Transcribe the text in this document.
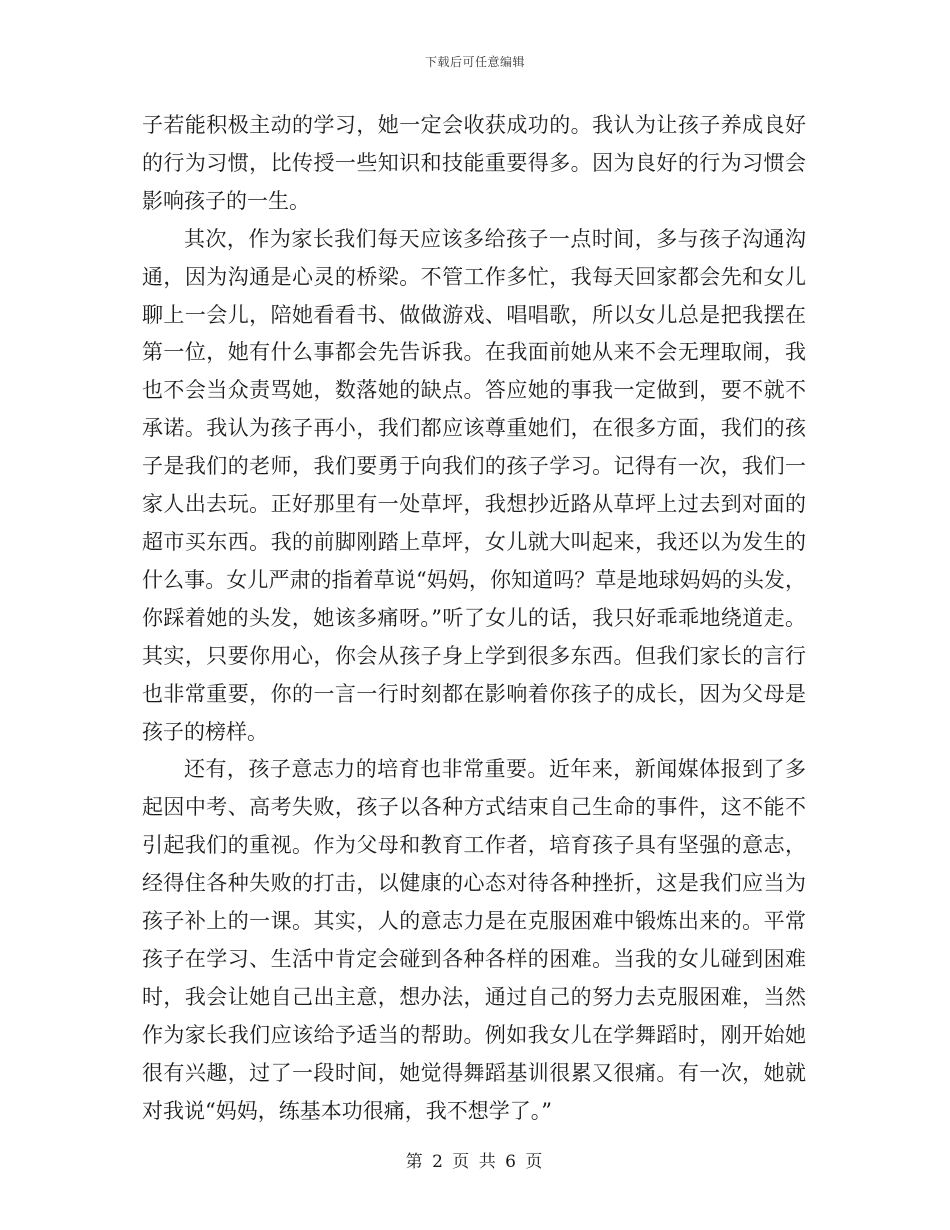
下载后可任意编辑

子若能积极主动的学习，她一定会收获成功的。我认为让孩子养成良好的行为习惯，比传授一些知识和技能重要得多。因为良好的行为习惯会影响孩子的一生。

其次，作为家长我们每天应该多给孩子一点时间，多与孩子沟通沟通，因为沟通是心灵的桥梁。不管工作多忙，我每天回家都会先和女儿聊上一会儿，陪她看看书、做做游戏、唱唱歌，所以女儿总是把我摆在第一位，她有什么事都会先告诉我。在我面前她从来不会无理取闹，我也不会当众责骂她，数落她的缺点。答应她的事我一定做到，要不就不承诺。我认为孩子再小，我们都应该尊重她们，在很多方面，我们的孩子是我们的老师，我们要勇于向我们的孩子学习。记得有一次，我们一家人出去玩。正好那里有一处草坪，我想抄近路从草坪上过去到对面的超市买东西。我的前脚刚踏上草坪，女儿就大叫起来，我还以为发生的什么事。女儿严肃的指着草说“妈妈，你知道吗？草是地球妈妈的头发，你踩着她的头发，她该多痛呀。”听了女儿的话，我只好乖乖地绕道走。其实，只要你用心，你会从孩子身上学到很多东西。但我们家长的言行也非常重要，你的一言一行时刻都在影响着你孩子的成长，因为父母是孩子的榜样。

还有，孩子意志力的培育也非常重要。近年来，新闻媒体报到了多起因中考、高考失败，孩子以各种方式结束自己生命的事件，这不能不引起我们的重视。作为父母和教育工作者，培育孩子具有坚强的意志，经得住各种失败的打击，以健康的心态对待各种挫折，这是我们应当为孩子补上的一课。其实，人的意志力是在克服困难中锻炼出来的。平常孩子在学习、生活中肯定会碰到各种各样的困难。当我的女儿碰到困难时，我会让她自己出主意，想办法，通过自己的努力去克服困难，当然作为家长我们应该给予适当的帮助。例如我女儿在学舞蹈时，刚开始她很有兴趣，过了一段时间，她觉得舞蹈基训很累又很痛。有一次，她就对我说“妈妈，练基本功很痛，我不想学了。”

第 2 页 共 6 页
